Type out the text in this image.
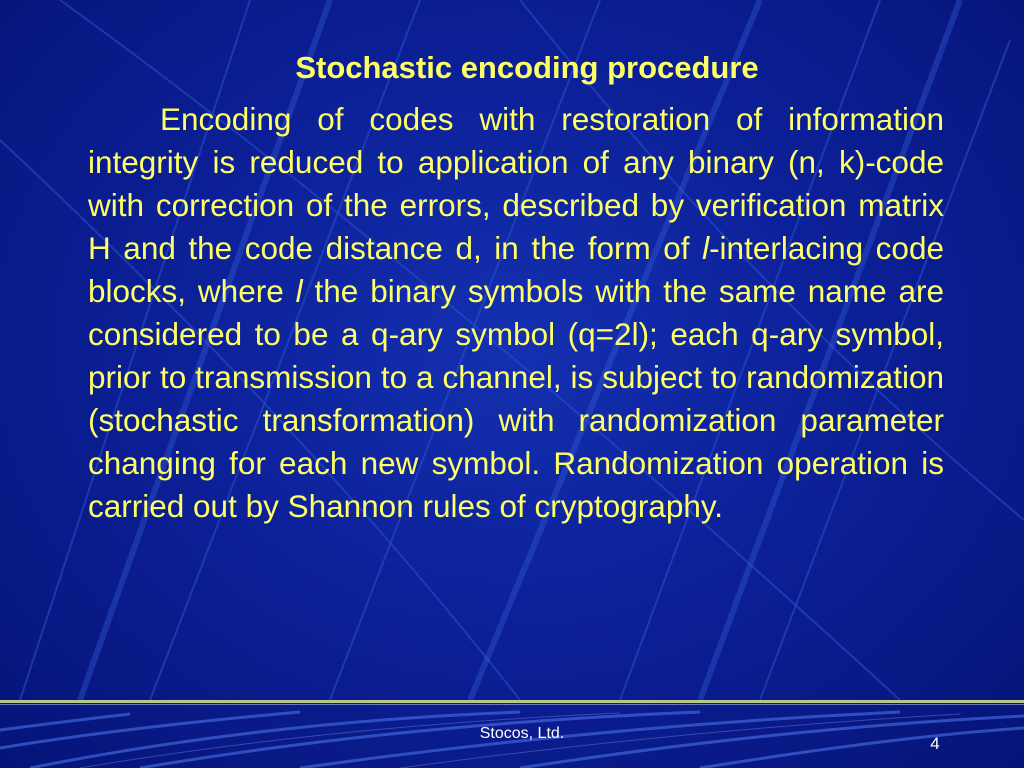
Stochastic encoding procedure

Encoding of codes with restoration of information integrity is reduced to application of any binary (n, k)-code with correction of the errors, described by verification matrix H and the code distance d, in the form of l-interlacing code blocks, where l the binary symbols with the same name are considered to be a q-ary symbol (q=2l); each q-ary symbol, prior to transmission to a channel, is subject to randomization (stochastic transformation) with randomization parameter changing for each new symbol. Randomization operation is carried out by Shannon rules of cryptography.

Stocos, Ltd.
4
